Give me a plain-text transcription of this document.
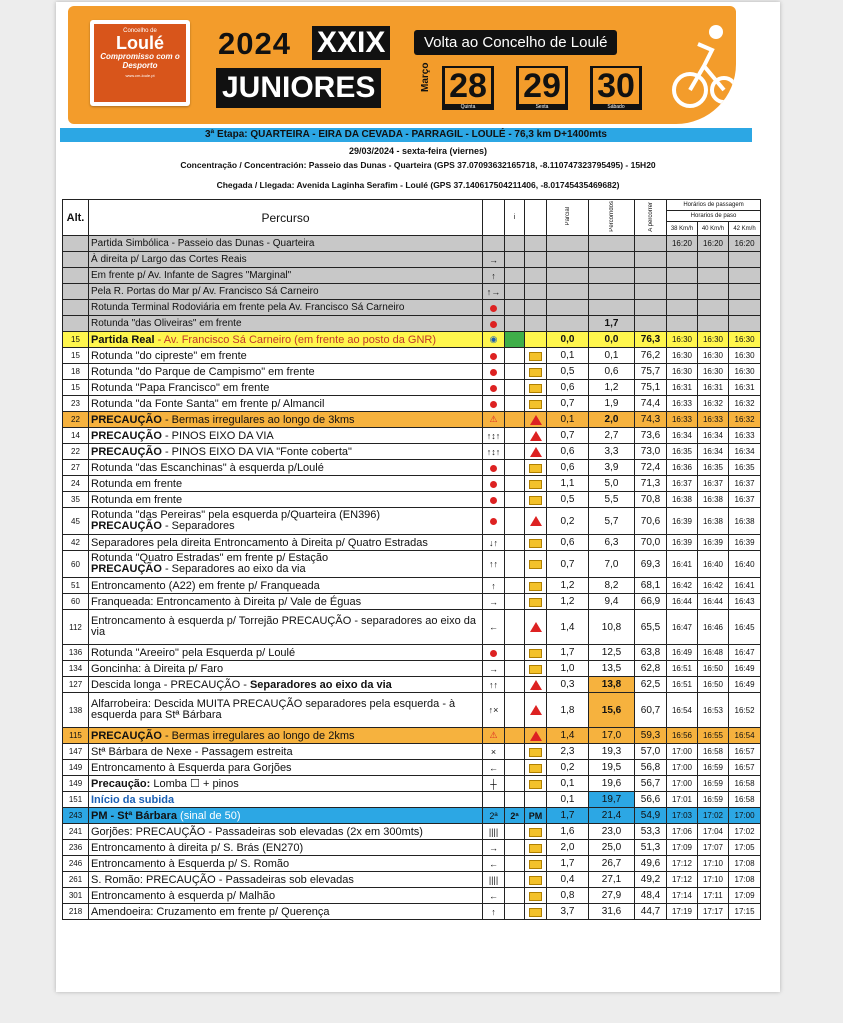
Concelho de
Loulé
Compromisso com o Desporto
www.cm-loule.pt
2024 XXIX	Volta ao Concelho de Loulé
JUNIORES	Março 28
Quinta
29
Sexta
30
Sábado
3ª Etapa: QUARTEIRA - EIRA DA CEVADA - PARRAGIL - LOULÉ - 76,3 km D+1400mts
29/03/2024 - sexta-feira (viernes)
Concentração / Concentración: Passeio das Dunas - Quarteira (GPS 37.07093632165718, -8.110747323795495) - 15H20
Chegada / Llegada: Avenida Laginha Serafim - Loulé (GPS 37.140617504211406, -8.01745435469682)
Alt.	Percurso		i		Parcial	Percorridos	A percorrer	Horários de passagem		
								Horarios de paso		
								38 Km/h	40 Km/h	42 Km/h
	Partida Simbólica - Passeio das Dunas - Quarteira							16:20	16:20	16:20
	À direita p/ Largo das Cortes Reais	→								
	Em frente p/ Av. Infante de Sagres "Marginal"	↑								
	Pela R. Portas do Mar p/ Av. Francisco Sá Carneiro	↑→								
	Rotunda Terminal Rodoviária em frente pela Av. Francisco Sá Carneiro									
	Rotunda "das Oliveiras" em frente					1,7				
15	Partida Real - Av. Francisco Sá Carneiro (em frente ao posto da GNR)	◉			0,0	0,0	76,3	16:30	16:30	16:30
15	Rotunda "do cipreste" em frente				0,1	0,1	76,2	16:30	16:30	16:30
18	Rotunda "do Parque de Campismo" em frente				0,5	0,6	75,7	16:30	16:30	16:30
15	Rotunda "Papa Francisco" em frente				0,6	1,2	75,1	16:31	16:31	16:31
23	Rotunda "da Fonte Santa" em frente p/ Almancil				0,7	1,9	74,4	16:33	16:32	16:32
22	PRECAUÇÃO - Bermas irregulares ao longo de 3kms	⚠			0,1	2,0	74,3	16:33	16:33	16:32
14	PRECAUÇÃO - PINOS EIXO DA VIA	↑↕↑			0,7	2,7	73,6	16:34	16:34	16:33
22	PRECAUÇÃO - PINOS EIXO DA VIA "Fonte coberta"	↑↕↑			0,6	3,3	73,0	16:35	16:34	16:34
27	Rotunda "das Escanchinas" à esquerda p/Loulé				0,6	3,9	72,4	16:36	16:35	16:35
24	Rotunda em frente				1,1	5,0	71,3	16:37	16:37	16:37
35	Rotunda em frente				0,5	5,5	70,8	16:38	16:38	16:37
45	Rotunda "das Pereiras" pela esquerda p/Quarteira (EN396)
PRECAUÇÃO - Separadores				0,2	5,7	70,6	16:39	16:38	16:38
42	Separadores pela direita Entroncamento à Direita p/ Quatro Estradas	↓↑			0,6	6,3	70,0	16:39	16:39	16:39
60	Rotunda "Quatro Estradas" em frente p/ Estação
PRECAUÇÃO - Separadores ao eixo da via	↑↑			0,7	7,0	69,3	16:41	16:40	16:40
51	Entroncamento (A22) em frente p/ Franqueada	↑			1,2	8,2	68,1	16:42	16:42	16:41
60	Franqueada: Entroncamento à Direita p/ Vale de Éguas	→			1,2	9,4	66,9	16:44	16:44	16:43
112	Entroncamento à esquerda p/ Torrejão PRECAUÇÃO - separadores ao eixo da via	←			1,4	10,8	65,5	16:47	16:46	16:45
136	Rotunda "Areeiro" pela Esquerda p/ Loulé				1,7	12,5	63,8	16:49	16:48	16:47
134	Goncinha: à Direita p/ Faro	→			1,0	13,5	62,8	16:51	16:50	16:49
127	Descida longa - PRECAUÇÃO - Separadores ao eixo da via	↑↑			0,3	13,8	62,5	16:51	16:50	16:49
138	Alfarrobeira: Descida MUITA PRECAUÇÃO separadores pela esquerda - à esquerda para Stª Bárbara	↑×			1,8	15,6	60,7	16:54	16:53	16:52
115	PRECAUÇÃO - Bermas irregulares ao longo de 2kms	⚠			1,4	17,0	59,3	16:56	16:55	16:54
147	Stª Bárbara de Nexe - Passagem estreita	×			2,3	19,3	57,0	17:00	16:58	16:57
149	Entroncamento à Esquerda para Gorjões	←			0,2	19,5	56,8	17:00	16:59	16:57
149	Precaução: Lomba ☐ + pinos	┼			0,1	19,6	56,7	17:00	16:59	16:58
151	Início da subida				0,1	19,7	56,6	17:01	16:59	16:58
243	PM - Stª Bárbara (sinal de 50)	2ª	2ª	PM	1,7	21,4	54,9	17:03	17:02	17:00
241	Gorjões: PRECAUÇÃO - Passadeiras sob elevadas (2x em 300mts)	||||			1,6	23,0	53,3	17:06	17:04	17:02
236	Entroncamento à direita p/ S. Brás (EN270)	→			2,0	25,0	51,3	17:09	17:07	17:05
246	Entroncamento à Esquerda p/ S. Romão	←			1,7	26,7	49,6	17:12	17:10	17:08
261	S. Romão: PRECAUÇÃO - Passadeiras sob elevadas	||||			0,4	27,1	49,2	17:12	17:10	17:08
301	Entroncamento à esquerda p/ Malhão	←			0,8	27,9	48,4	17:14	17:11	17:09
218	Amendoeira: Cruzamento em frente p/ Querença	↑			3,7	31,6	44,7	17:19	17:17	17:15
